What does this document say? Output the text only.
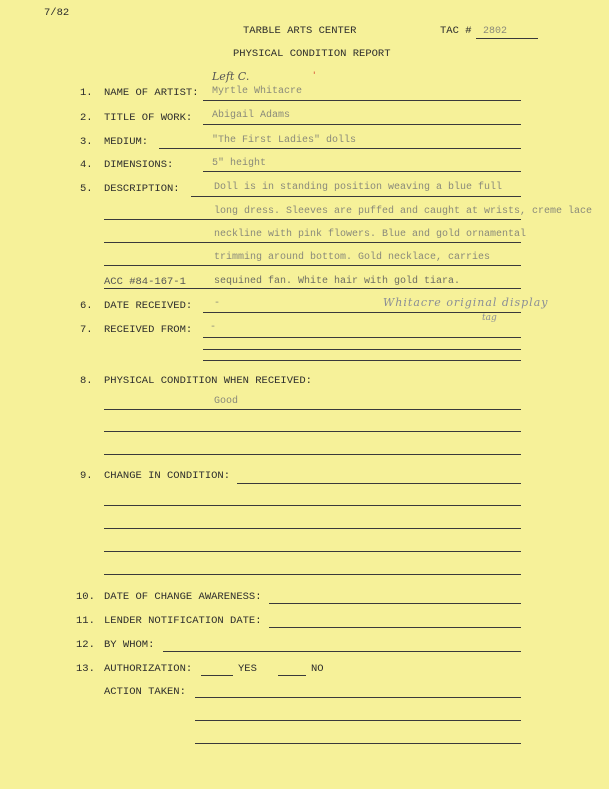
7/82
TARBLE ARTS CENTER	TAC # 2802
PHYSICAL CONDITION REPORT
Left C.	'
1. NAME OF ARTIST: Myrtle Whitacre
2. TITLE OF WORK: Abigail Adams
3. MEDIUM:	"The First Ladies" dolls
4. DIMENSIONS:	5" height
5. DESCRIPTION:	Doll is in standing position weaving a blue full
long dress. Sleeves are puffed and caught at wrists, creme lace
neckline with pink flowers. Blue and gold ornamental
trimming around bottom. Gold necklace, carries
ACC #84-167-1	sequined fan. White hair with gold tiara.
6. DATE RECEIVED: -	Whitacre original display
tag
7. RECEIVED FROM: -
8. PHYSICAL CONDITION WHEN RECEIVED:
Good
9. CHANGE IN CONDITION:
10. DATE OF CHANGE AWARENESS:
11. LENDER NOTIFICATION DATE:
12. BY WHOM:
13. AUTHORIZATION:	YES	NO
ACTION TAKEN:
